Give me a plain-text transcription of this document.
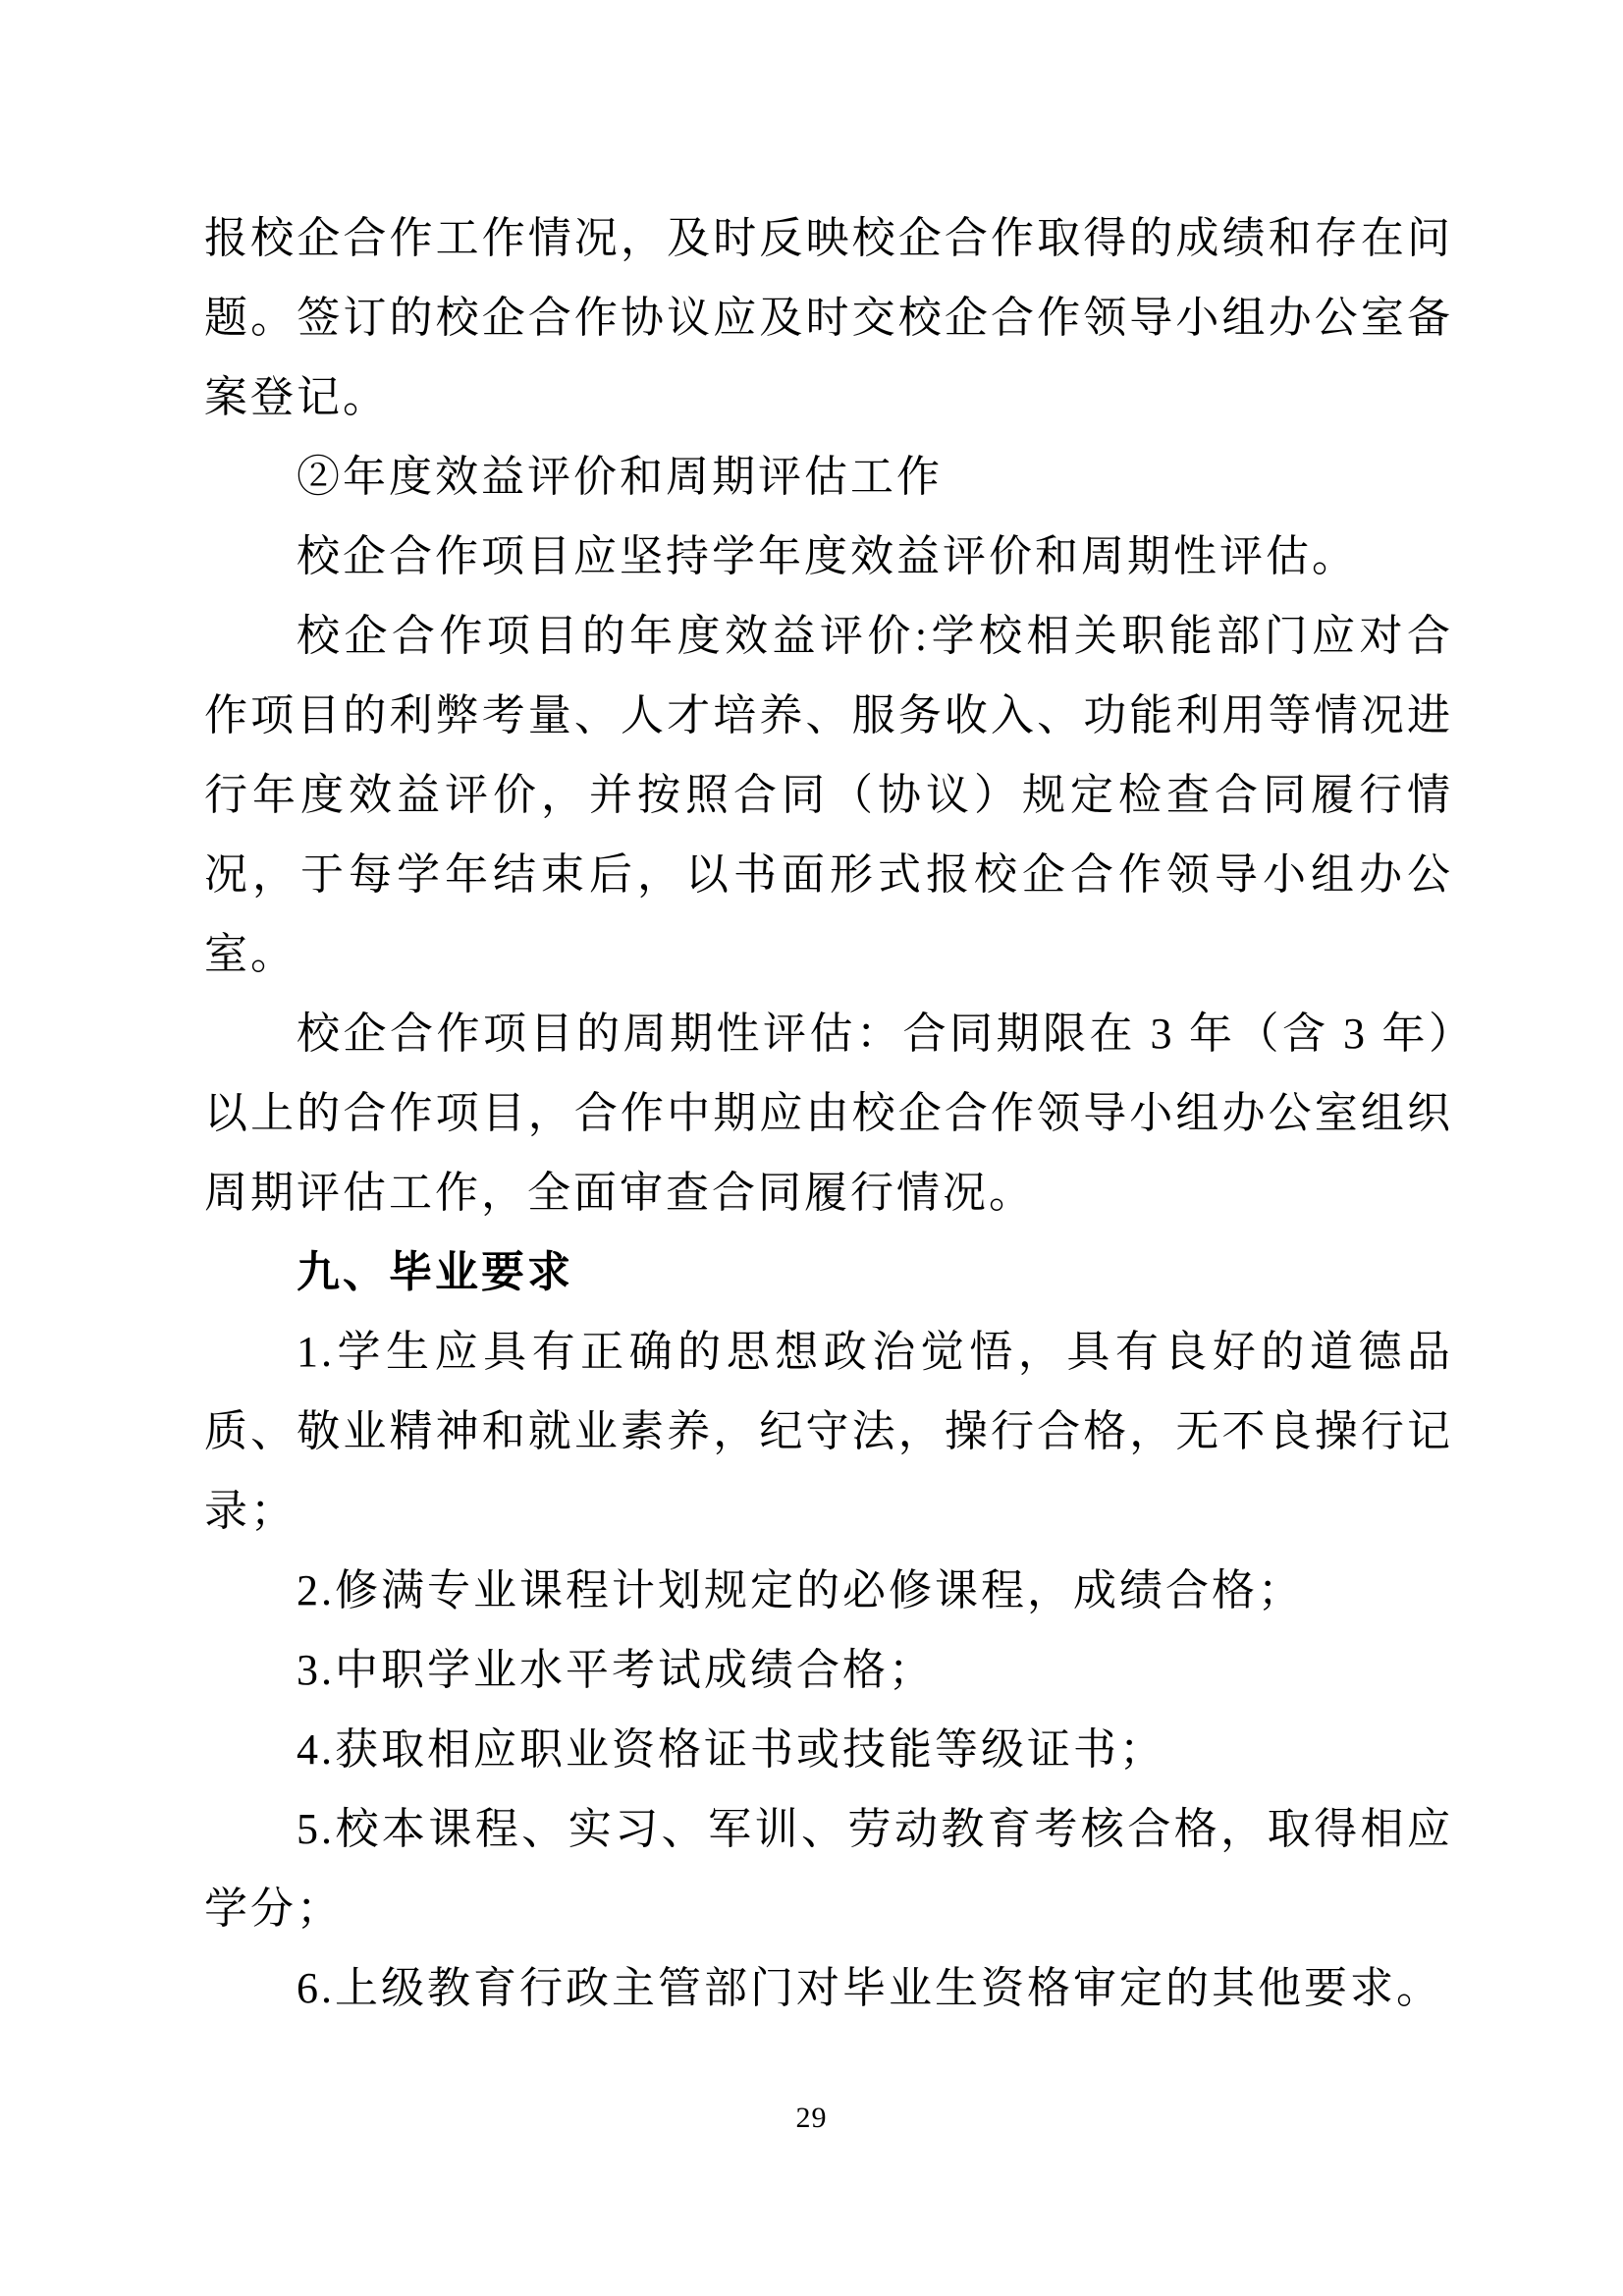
报校企合作工作情况，及时反映校企合作取得的成绩和存在问题。签订的校企合作协议应及时交校企合作领导小组办公室备案登记。

②年度效益评价和周期评估工作

校企合作项目应坚持学年度效益评价和周期性评估。

校企合作项目的年度效益评价:学校相关职能部门应对合作项目的利弊考量、人才培养、服务收入、功能利用等情况进行年度效益评价，并按照合同（协议）规定检查合同履行情况，于每学年结束后，以书面形式报校企合作领导小组办公室。

校企合作项目的周期性评估：合同期限在 3 年（含 3 年）以上的合作项目，合作中期应由校企合作领导小组办公室组织周期评估工作，全面审查合同履行情况。

九、毕业要求

1.学生应具有正确的思想政治觉悟，具有良好的道德品质、敬业精神和就业素养，纪守法，操行合格，无不良操行记录；

2.修满专业课程计划规定的必修课程，成绩合格；

3.中职学业水平考试成绩合格；

4.获取相应职业资格证书或技能等级证书；

5.校本课程、实习、军训、劳动教育考核合格，取得相应学分；

6.上级教育行政主管部门对毕业生资格审定的其他要求。

29
